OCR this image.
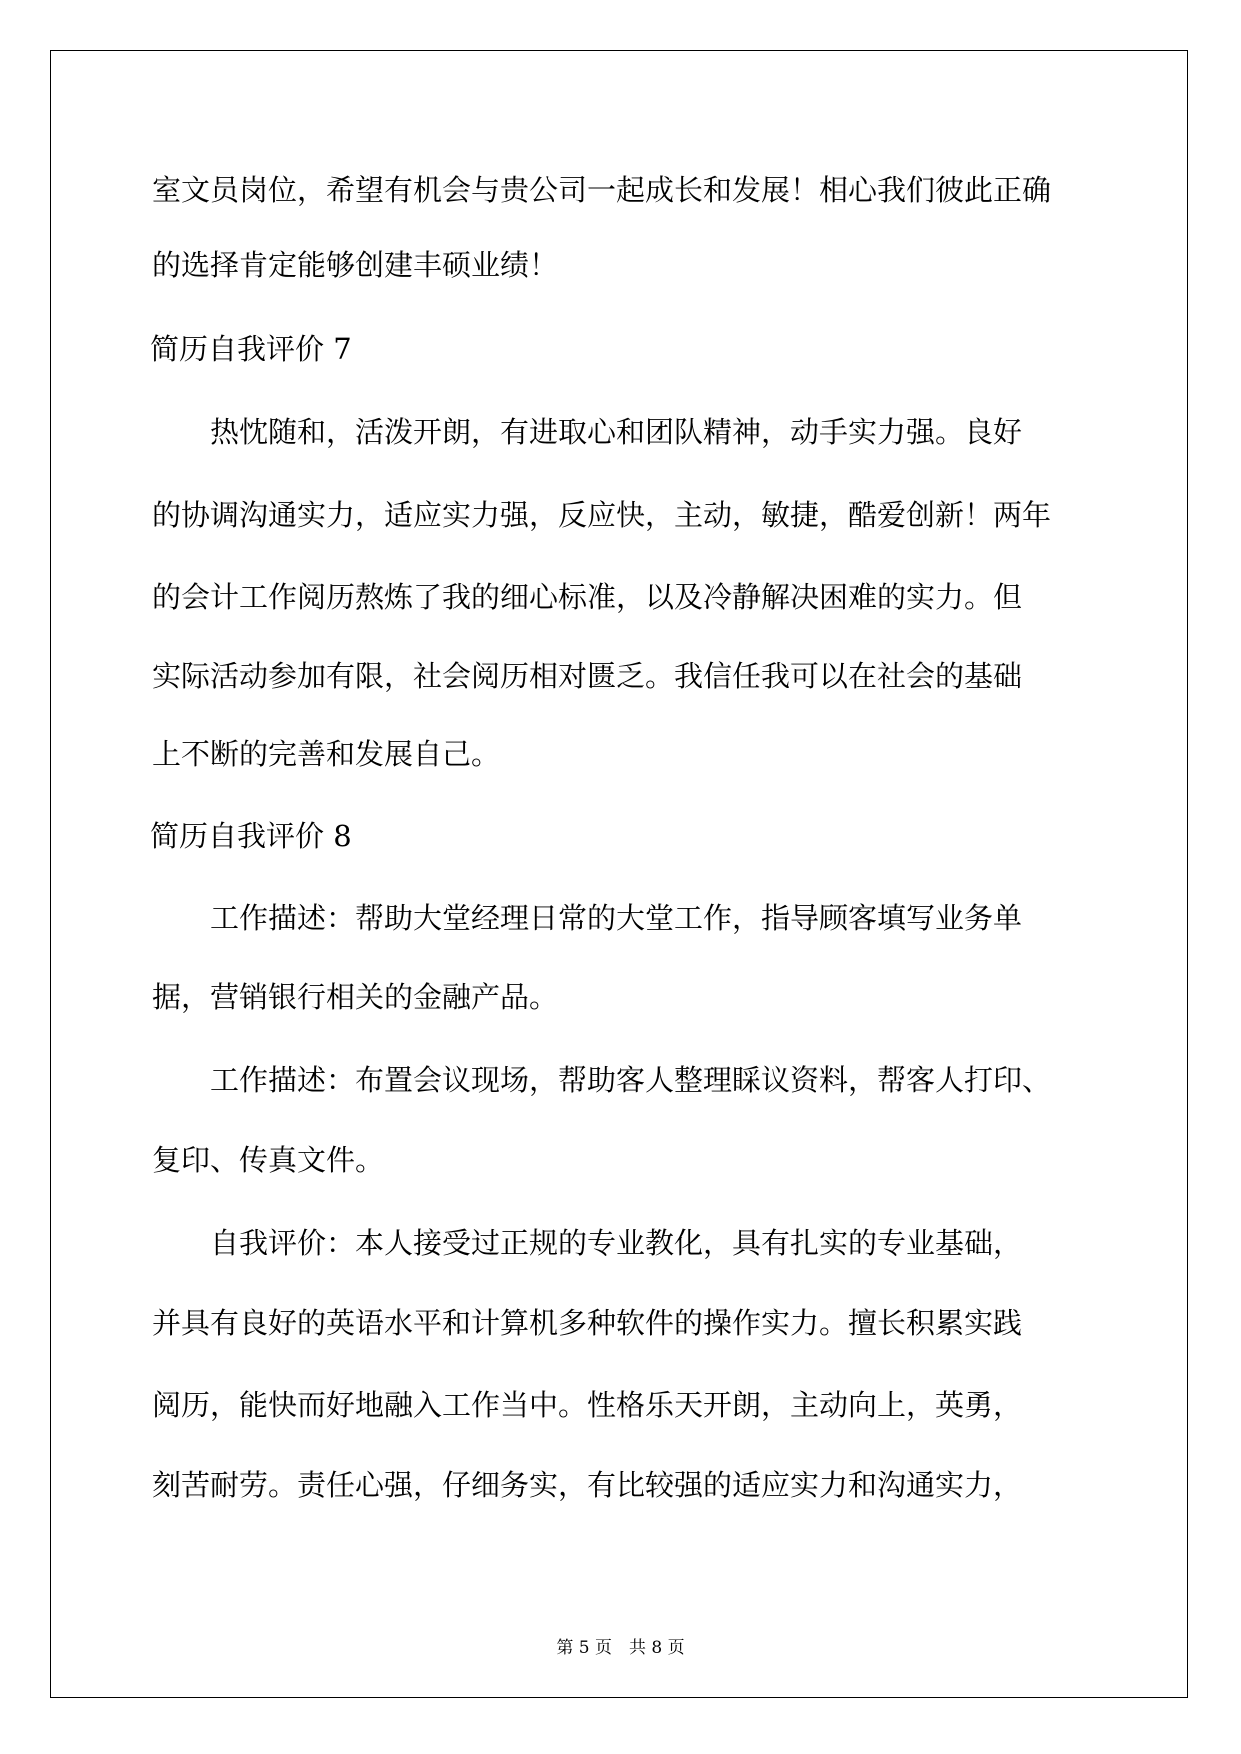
室文员岗位，希望有机会与贵公司一起成长和发展！相心我们彼此正确

的选择肯定能够创建丰硕业绩！

简历自我评价 7

　　热忱随和，活泼开朗，有进取心和团队精神，动手实力强。良好

的协调沟通实力，适应实力强，反应快，主动，敏捷，酷爱创新！两年

的会计工作阅历熬炼了我的细心标准，以及冷静解决困难的实力。但

实际活动参加有限，社会阅历相对匮乏。我信任我可以在社会的基础

上不断的完善和发展自己。

简历自我评价 8

　　工作描述：帮助大堂经理日常的大堂工作，指导顾客填写业务单

据，营销银行相关的金融产品。

　　工作描述：布置会议现场，帮助客人整理睬议资料，帮客人打印、

复印、传真文件。

　　自我评价：本人接受过正规的专业教化，具有扎实的专业基础，

并具有良好的英语水平和计算机多种软件的操作实力。擅长积累实践

阅历，能快而好地融入工作当中。性格乐天开朗，主动向上，英勇，

刻苦耐劳。责任心强，仔细务实，有比较强的适应实力和沟通实力，

第 5 页　共 8 页
